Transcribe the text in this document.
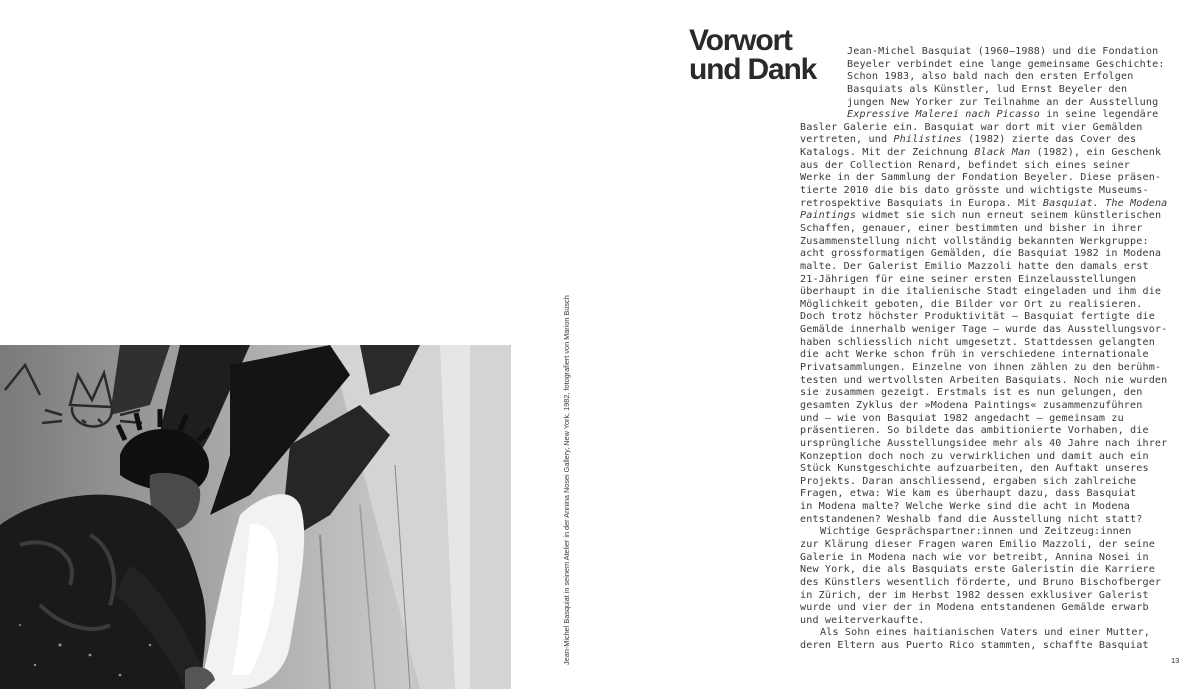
Jean-Michel Basquiat in seinem Atelier in der Annina Nosei Gallery, New York, 1982, fotografiert von Marion Busch
Vorwort
und Dank
Jean-Michel Basquiat (1960–1988) und die Fondation
Beyeler verbindet eine lange gemeinsame Geschichte:
Schon 1983, also bald nach den ersten Erfolgen
Basquiats als Künstler, lud Ernst Beyeler den
jungen New Yorker zur Teilnahme an der Ausstellung
Expressive Malerei nach Picasso in seine legendäre
Basler Galerie ein. Basquiat war dort mit vier Gemälden
vertreten, und Philistines (1982) zierte das Cover des
Katalogs. Mit der Zeichnung Black Man (1982), ein Geschenk
aus der Collection Renard, befindet sich eines seiner
Werke in der Sammlung der Fondation Beyeler. Diese präsen-
tierte 2010 die bis dato grösste und wichtigste Museums-
retrospektive Basquiats in Europa. Mit Basquiat. The Modena
Paintings widmet sie sich nun erneut seinem künstlerischen
Schaffen, genauer, einer bestimmten und bisher in ihrer
Zusammenstellung nicht vollständig bekannten Werkgruppe:
acht grossformatigen Gemälden, die Basquiat 1982 in Modena
malte. Der Galerist Emilio Mazzoli hatte den damals erst
21-Jährigen für eine seiner ersten Einzelausstellungen
überhaupt in die italienische Stadt eingeladen und ihm die
Möglichkeit geboten, die Bilder vor Ort zu realisieren.
Doch trotz höchster Produktivität – Basquiat fertigte die
Gemälde innerhalb weniger Tage – wurde das Ausstellungsvor-
haben schliesslich nicht umgesetzt. Stattdessen gelangten
die acht Werke schon früh in verschiedene internationale
Privatsammlungen. Einzelne von ihnen zählen zu den berühm-
testen und wertvollsten Arbeiten Basquiats. Noch nie wurden
sie zusammen gezeigt. Erstmals ist es nun gelungen, den
gesamten Zyklus der »Modena Paintings« zusammenzuführen
und – wie von Basquiat 1982 angedacht – gemeinsam zu
präsentieren. So bildete das ambitionierte Vorhaben, die
ursprüngliche Ausstellungsidee mehr als 40 Jahre nach ihrer
Konzeption doch noch zu verwirklichen und damit auch ein
Stück Kunstgeschichte aufzuarbeiten, den Auftakt unseres
Projekts. Daran anschliessend, ergaben sich zahlreiche
Fragen, etwa: Wie kam es überhaupt dazu, dass Basquiat
in Modena malte? Welche Werke sind die acht in Modena
entstandenen? Weshalb fand die Ausstellung nicht statt?
Wichtige Gesprächspartner:innen und Zeitzeug:innen
zur Klärung dieser Fragen waren Emilio Mazzoli, der seine
Galerie in Modena nach wie vor betreibt, Annina Nosei in
New York, die als Basquiats erste Galeristin die Karriere
des Künstlers wesentlich förderte, und Bruno Bischofberger
in Zürich, der im Herbst 1982 dessen exklusiver Galerist
wurde und vier der in Modena entstandenen Gemälde erwarb
und weiterverkaufte.
Als Sohn eines haitianischen Vaters und einer Mutter,
deren Eltern aus Puerto Rico stammten, schaffte Basquiat
13
